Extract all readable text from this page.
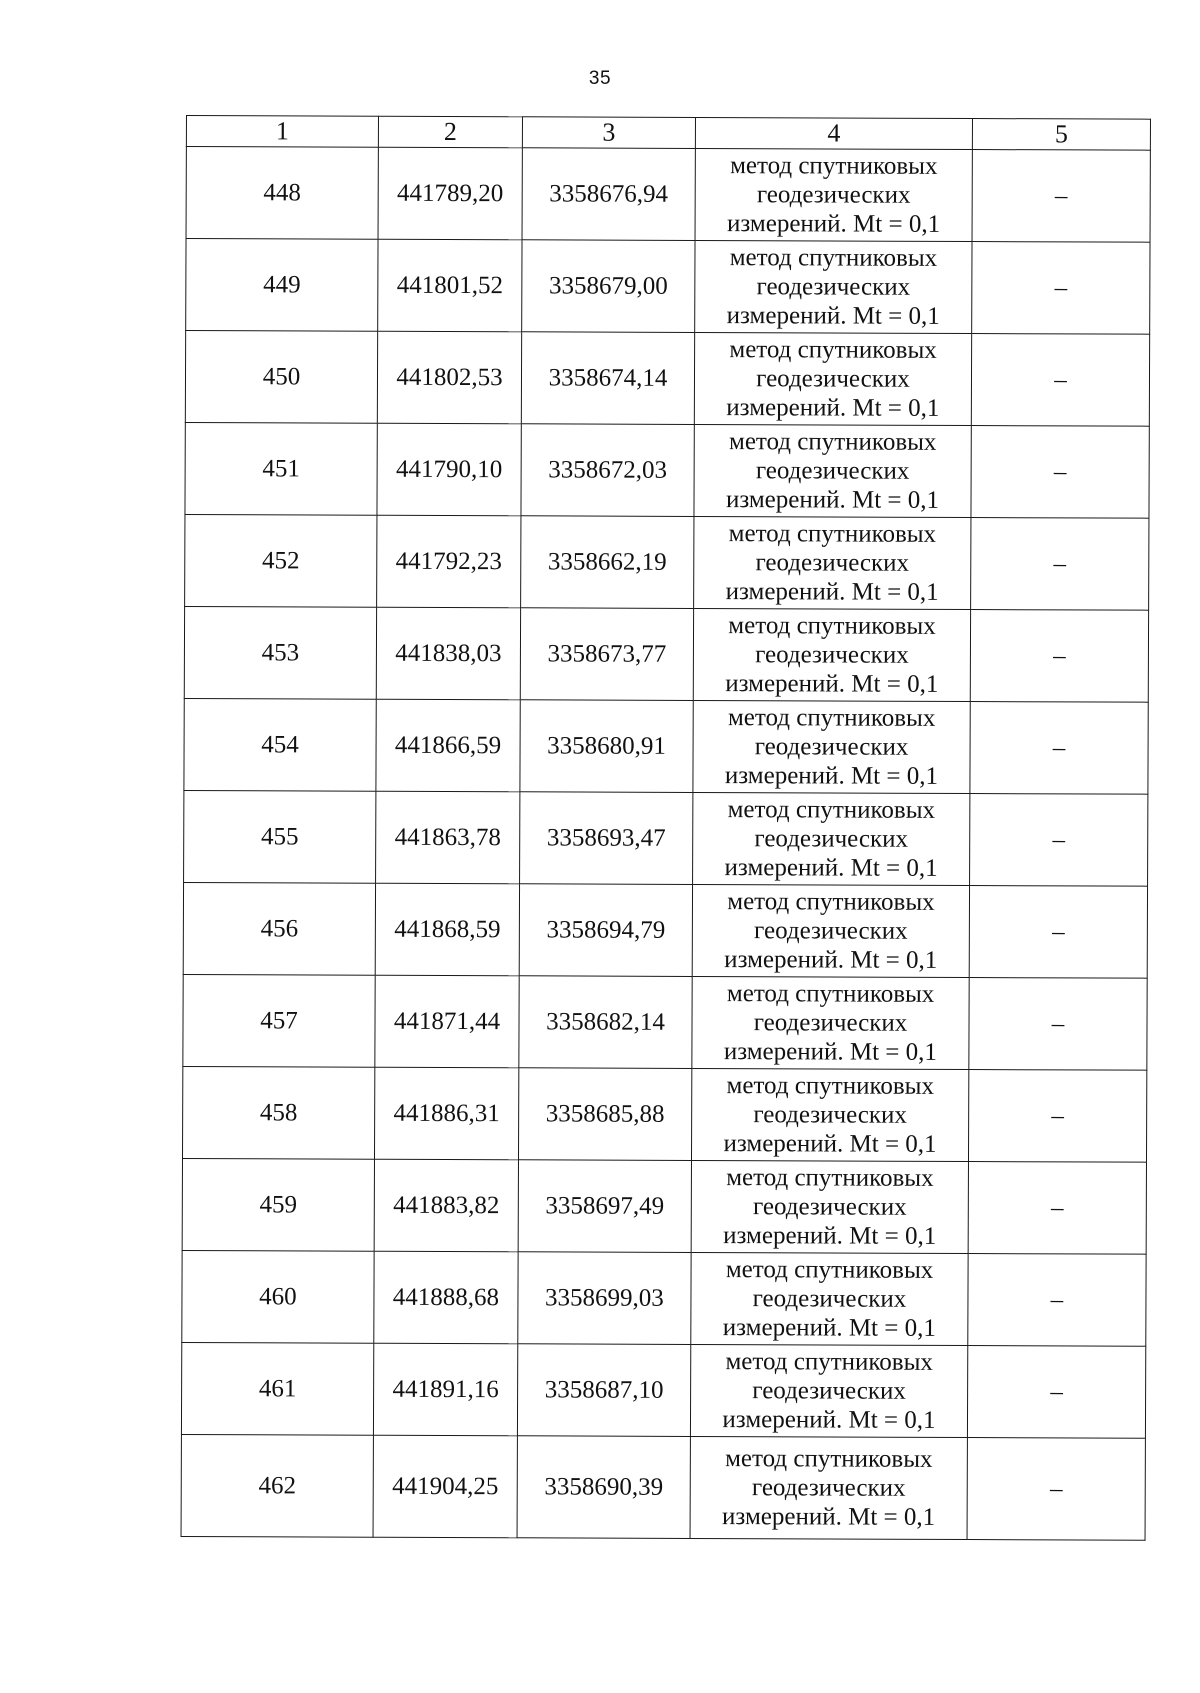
35
1	2	3	4	5
448	441789,20	3358676,94	метод спутниковых геодезических измерений. Mt = 0,1	–
449	441801,52	3358679,00	метод спутниковых геодезических измерений. Mt = 0,1	–
450	441802,53	3358674,14	метод спутниковых геодезических измерений. Mt = 0,1	–
451	441790,10	3358672,03	метод спутниковых геодезических измерений. Mt = 0,1	–
452	441792,23	3358662,19	метод спутниковых геодезических измерений. Mt = 0,1	–
453	441838,03	3358673,77	метод спутниковых геодезических измерений. Mt = 0,1	–
454	441866,59	3358680,91	метод спутниковых геодезических измерений. Mt = 0,1	–
455	441863,78	3358693,47	метод спутниковых геодезических измерений. Mt = 0,1	–
456	441868,59	3358694,79	метод спутниковых геодезических измерений. Mt = 0,1	–
457	441871,44	3358682,14	метод спутниковых геодезических измерений. Mt = 0,1	–
458	441886,31	3358685,88	метод спутниковых геодезических измерений. Mt = 0,1	–
459	441883,82	3358697,49	метод спутниковых геодезических измерений. Mt = 0,1	–
460	441888,68	3358699,03	метод спутниковых геодезических измерений. Mt = 0,1	–
461	441891,16	3358687,10	метод спутниковых геодезических измерений. Mt = 0,1	–
462	441904,25	3358690,39	метод спутниковых геодезических измерений. Mt = 0,1	–
